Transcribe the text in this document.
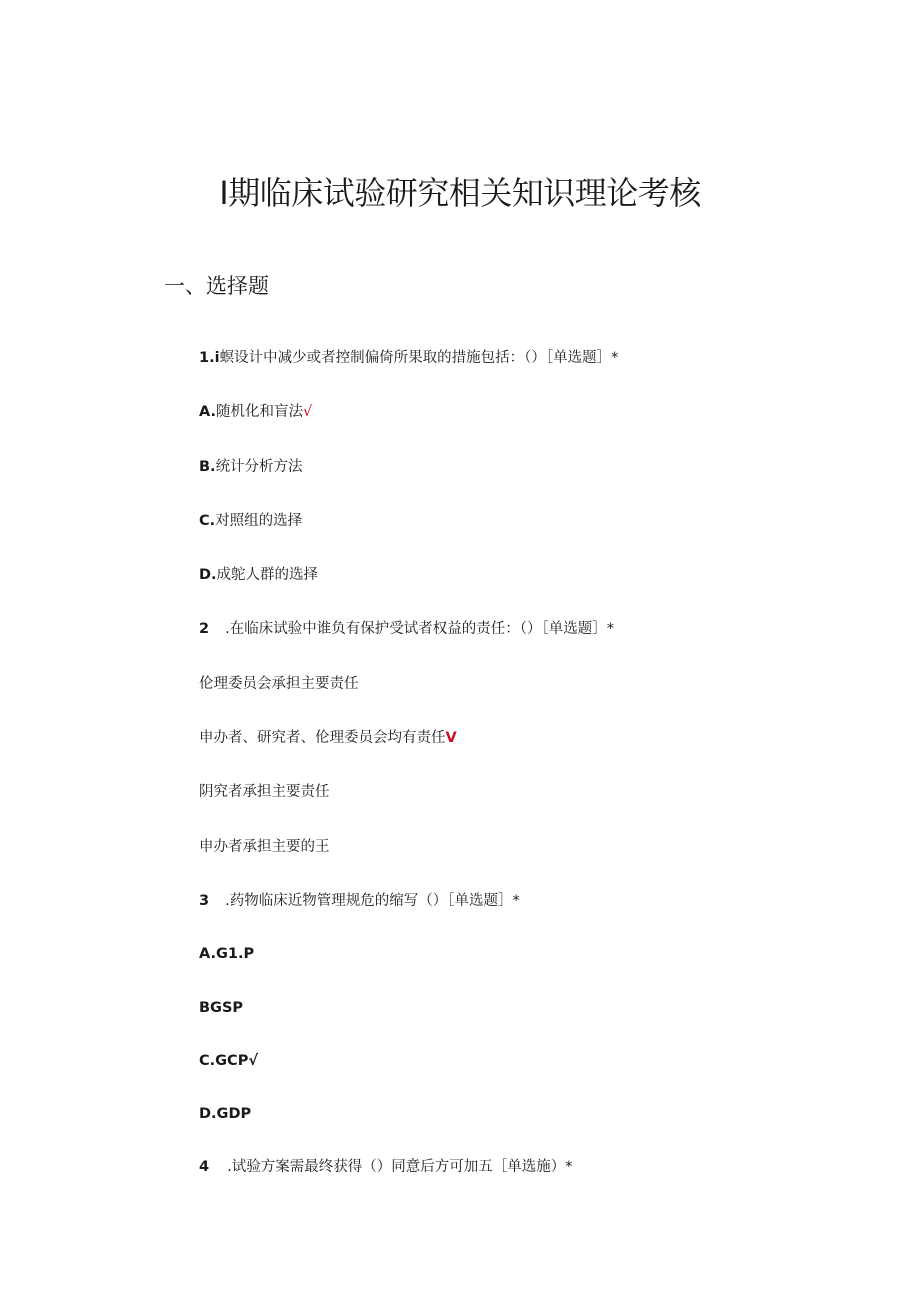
I期临床试验研究相关知识理论考核
一、选择题
1.i螟设计中减少或者控制偏倚所果取的措施包括：（）［单选题］*
A.随机化和盲法√
B.统计分析方法
C.对照组的选择
D.成鸵人群的选择
2 .在临床试验中谁负有保护受试者权益的责任：（）［单选题］*
伦理委员会承担主要责任
申办者、研究者、伦理委员会均有责任V
阴究者承担主要责任
申办者承担主要的王
3 .药物临床近物管理规危的缩写（）［单选题］*
A.G1.P
BGSP
C.GCP√
D.GDP
4 .试验方案需最终获得（）同意后方可加五［单选施）*
